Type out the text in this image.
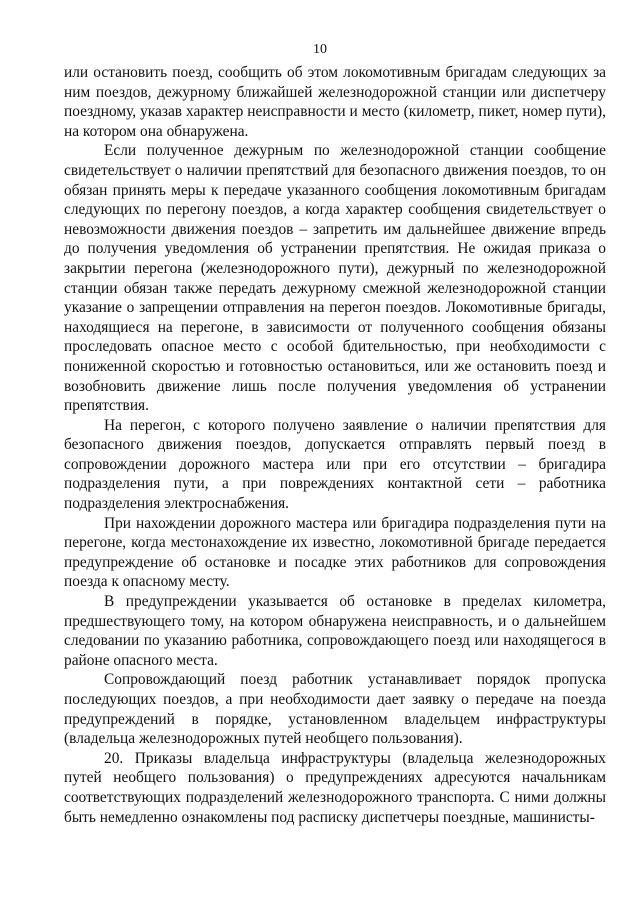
10

или остановить поезд, сообщить об этом локомотивным бригадам следующих за ним поездов, дежурному ближайшей железнодорожной станции или диспетчеру поездному, указав характер неисправности и место (километр, пикет, номер пути), на котором она обнаружена.

Если полученное дежурным по железнодорожной станции сообщение свидетельствует о наличии препятствий для безопасного движения поездов, то он обязан принять меры к передаче указанного сообщения локомотивным бригадам следующих по перегону поездов, а когда характер сообщения свидетельствует о невозможности движения поездов – запретить им дальнейшее движение впредь до получения уведомления об устранении препятствия. Не ожидая приказа о закрытии перегона (железнодорожного пути), дежурный по железнодорожной станции обязан также передать дежурному смежной железнодорожной станции указание о запрещении отправления на перегон поездов. Локомотивные бригады, находящиеся на перегоне, в зависимости от полученного сообщения обязаны проследовать опасное место с особой бдительностью, при необходимости с пониженной скоростью и готовностью остановиться, или же остановить поезд и возобновить движение лишь после получения уведомления об устранении препятствия.

На перегон, с которого получено заявление о наличии препятствия для безопасного движения поездов, допускается отправлять первый поезд в сопровождении дорожного мастера или при его отсутствии – бригадира подразделения пути, а при повреждениях контактной сети – работника подразделения электроснабжения.

При нахождении дорожного мастера или бригадира подразделения пути на перегоне, когда местонахождение их известно, локомотивной бригаде передается предупреждение об остановке и посадке этих работников для сопровождения поезда к опасному месту.

В предупреждении указывается об остановке в пределах километра, предшествующего тому, на котором обнаружена неисправность, и о дальнейшем следовании по указанию работника, сопровождающего поезд или находящегося в районе опасного места.

Сопровождающий поезд работник устанавливает порядок пропуска последующих поездов, а при необходимости дает заявку о передаче на поезда предупреждений в порядке, установленном владельцем инфраструктуры (владельца железнодорожных путей необщего пользования).

20. Приказы владельца инфраструктуры (владельца железнодорожных путей необщего пользования) о предупреждениях адресуются начальникам соответствующих подразделений железнодорожного транспорта. С ними должны быть немедленно ознакомлены под расписку диспетчеры поездные, машинисты-
